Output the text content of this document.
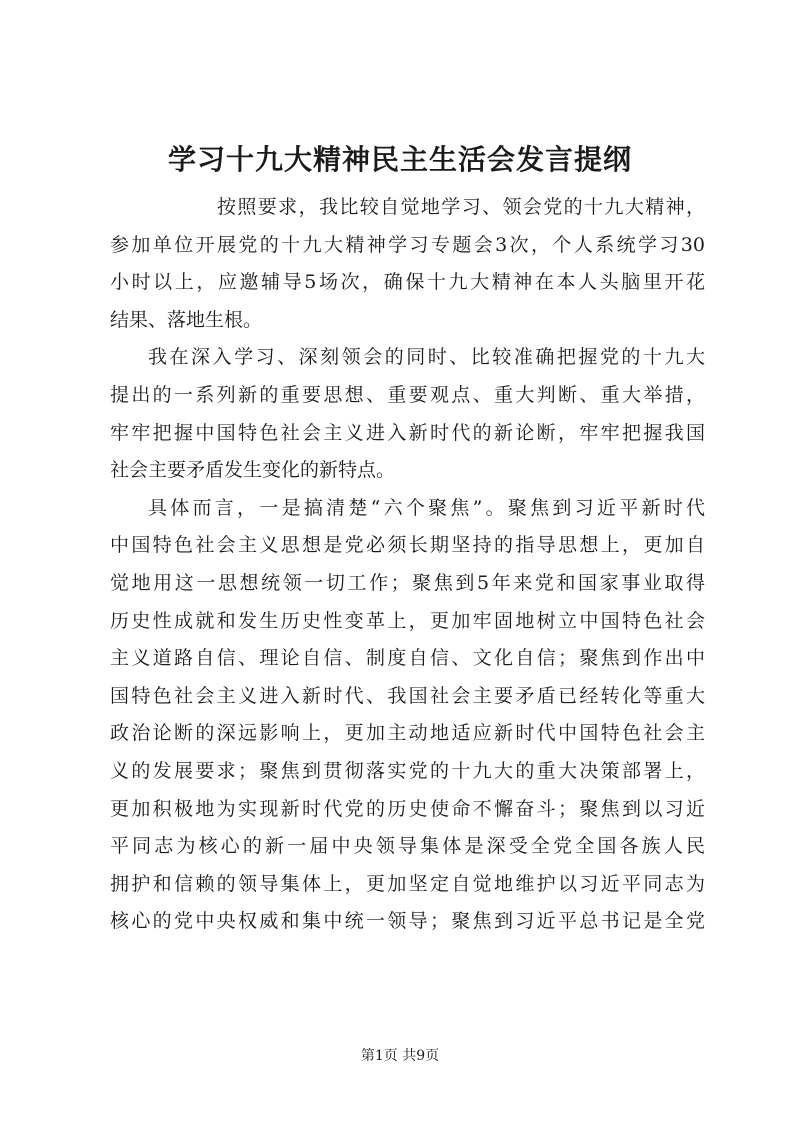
学习十九大精神民主生活会发言提纲
按照要求，我比较自觉地学习、领会党的十九大精神，
参加单位开展党的十九大精神学习专题会3次，个人系统学习30
小时以上，应邀辅导5场次，确保十九大精神在本人头脑里开花
结果、落地生根。
我在深入学习、深刻领会的同时、比较准确把握党的十九大
提出的一系列新的重要思想、重要观点、重大判断、重大举措，
牢牢把握中国特色社会主义进入新时代的新论断，牢牢把握我国
社会主要矛盾发生变化的新特点。
具体而言，一是搞清楚“六个聚焦”。聚焦到习近平新时代
中国特色社会主义思想是党必须长期坚持的指导思想上，更加自
觉地用这一思想统领一切工作；聚焦到5年来党和国家事业取得
历史性成就和发生历史性变革上，更加牢固地树立中国特色社会
主义道路自信、理论自信、制度自信、文化自信；聚焦到作出中
国特色社会主义进入新时代、我国社会主要矛盾已经转化等重大
政治论断的深远影响上，更加主动地适应新时代中国特色社会主
义的发展要求；聚焦到贯彻落实党的十九大的重大决策部署上，
更加积极地为实现新时代党的历史使命不懈奋斗；聚焦到以习近
平同志为核心的新一届中央领导集体是深受全党全国各族人民
拥护和信赖的领导集体上，更加坚定自觉地维护以习近平同志为
核心的党中央权威和集中统一领导；聚焦到习近平总书记是全党
第1页 共9页
